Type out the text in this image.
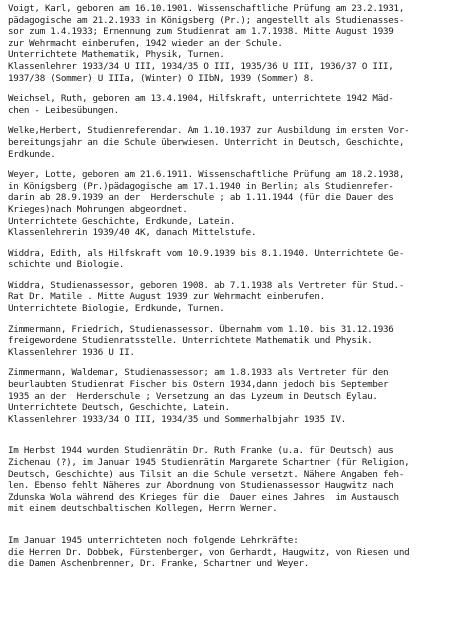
Voigt, Karl, geboren am 16.10.1901. Wissenschaftliche Prüfung am 23.2.1931,
pädagogische am 21.2.1933 in Königsberg (Pr.); angestellt als Studienasses-
sor zum 1.4.1933; Ernennung zum Studienrat am 1.7.1938. Mitte August 1939
zur Wehrmacht einberufen, 1942 wieder an der Schule.
Unterrichtete Mathematik, Physik, Turnen.
Klassenlehrer 1933/34 U III, 1934/35 O III, 1935/36 U III, 1936/37 O III,
1937/38 (Sommer) U IIIa, (Winter) O IIbN, 1939 (Sommer) 8.
Weichsel, Ruth, geboren am 13.4.1904, Hilfskraft, unterrichtete 1942 Mäd-
chen - Leibesübungen.
Welke,Herbert, Studienreferendar. Am 1.10.1937 zur Ausbildung im ersten Vor-
bereitungsjahr an die Schule überwiesen. Unterricht in Deutsch, Geschichte,
Erdkunde.
Weyer, Lotte, geboren am 21.6.1911. Wissenschaftliche Prüfung am 18.2.1938,
in Königsberg (Pr.)pädagogische am 17.1.1940 in Berlin; als Studienrefer-
darin ab 28.9.1939 an der  Herderschule ; ab 1.11.1944 (für die Dauer des
Krieges)nach Mohrungen abgeordnet.
Unterrichtete Geschichte, Erdkunde, Latein.
Klassenlehrerin 1939/40 4K, danach Mittelstufe.
Widdra, Edith, als Hilfskraft vom 10.9.1939 bis 8.1.1940. Unterrichtete Ge-
schichte und Biologie.
Widdra, Studienassessor, geboren 1908. ab 7.1.1938 als Vertreter für Stud.-
Rat Dr. Matile . Mitte August 1939 zur Wehrmacht einberufen.
Unterrichtete Biologie, Erdkunde, Turnen.
Zimmermann, Friedrich, Studienassessor. Übernahm vom 1.10. bis 31.12.1936
freigewordene Studienratsstelle. Unterrichtete Mathematik und Physik.
Klassenlehrer 1936 U II.
Zimmermann, Waldemar, Studienassessor; am 1.8.1933 als Vertreter für den
beurlaubten Studienrat Fischer bis Ostern 1934,dann jedoch bis September
1935 an der  Herderschule ; Versetzung an das Lyzeum in Deutsch Eylau.
Unterrichtete Deutsch, Geschichte, Latein.
Klassenlehrer 1933/34 O III, 1934/35 und Sommerhalbjahr 1935 IV.
Im Herbst 1944 wurden Studienrätin Dr. Ruth Franke (u.a. für Deutsch) aus
Zichenau (?), im Januar 1945 Studienrätin Margarete Schartner (für Religion,
Deutsch, Geschichte) aus Tilsit an die Schule versetzt. Nähere Angaben feh-
len. Ebenso fehlt Näheres zur Abordnung von Studienassessor Haugwitz nach
Zdunska Wola während des Krieges für die  Dauer eines Jahres  im Austausch
mit einem deutschbaltischen Kollegen, Herrn Werner.
Im Januar 1945 unterrichteten noch folgende Lehrkräfte:
die Herren Dr. Dobbek, Fürstenberger, von Gerhardt, Haugwitz, von Riesen und
die Damen Aschenbrenner, Dr. Franke, Schartner und Weyer.
